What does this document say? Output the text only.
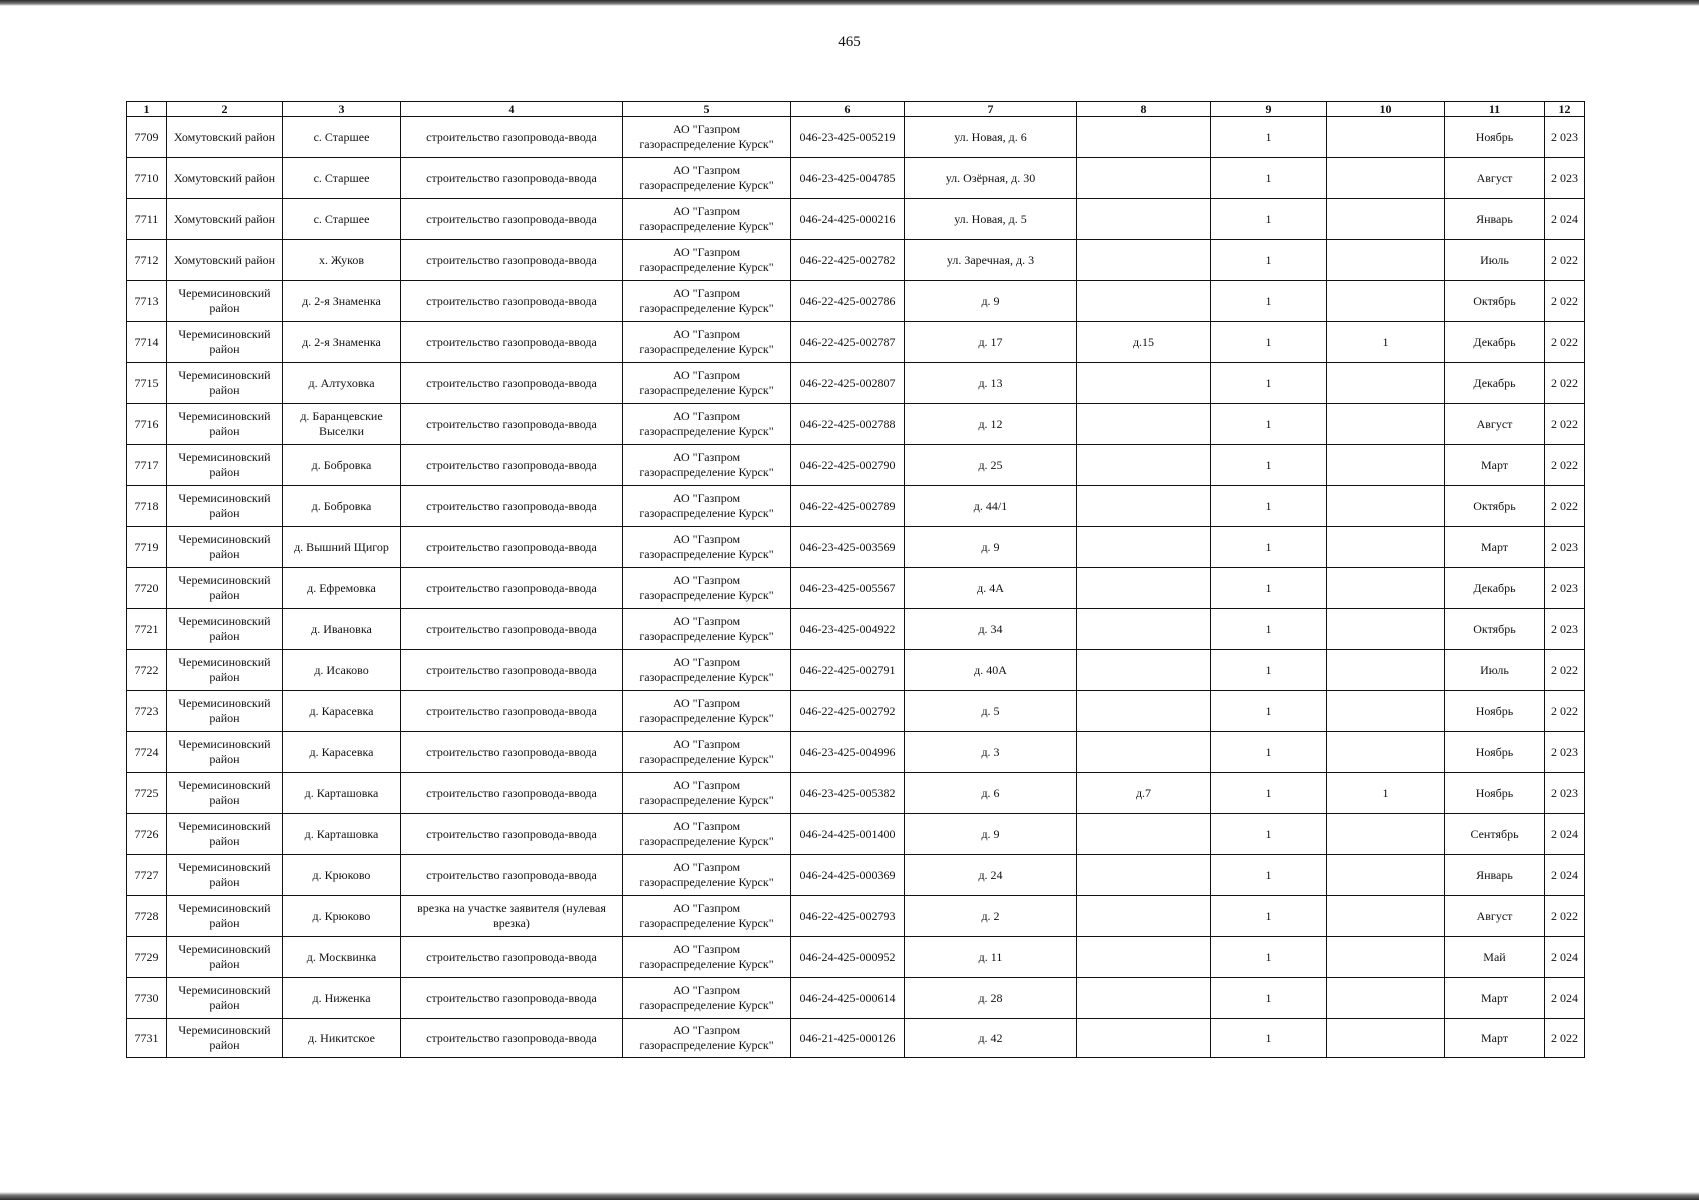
465
1	2	3	4	5	6	7	8	9	10	11	12
7709	Хомутовский район	с. Старшее	строительство газопровода-ввода	АО "Газпром газораспределение Курск"	046-23-425-005219	ул. Новая, д. 6		1		Ноябрь	2 023
7710	Хомутовский район	с. Старшее	строительство газопровода-ввода	АО "Газпром газораспределение Курск"	046-23-425-004785	ул. Озёрная, д. 30		1		Август	2 023
7711	Хомутовский район	с. Старшее	строительство газопровода-ввода	АО "Газпром газораспределение Курск"	046-24-425-000216	ул. Новая, д. 5		1		Январь	2 024
7712	Хомутовский район	х. Жуков	строительство газопровода-ввода	АО "Газпром газораспределение Курск"	046-22-425-002782	ул. Заречная, д. 3		1		Июль	2 022
7713	Черемисиновский район	д. 2-я Знаменка	строительство газопровода-ввода	АО "Газпром газораспределение Курск"	046-22-425-002786	д. 9		1		Октябрь	2 022
7714	Черемисиновский район	д. 2-я Знаменка	строительство газопровода-ввода	АО "Газпром газораспределение Курск"	046-22-425-002787	д. 17	д.15	1	1	Декабрь	2 022
7715	Черемисиновский район	д. Алтуховка	строительство газопровода-ввода	АО "Газпром газораспределение Курск"	046-22-425-002807	д. 13		1		Декабрь	2 022
7716	Черемисиновский район	д. Баранцевские Выселки	строительство газопровода-ввода	АО "Газпром газораспределение Курск"	046-22-425-002788	д. 12		1		Август	2 022
7717	Черемисиновский район	д. Бобровка	строительство газопровода-ввода	АО "Газпром газораспределение Курск"	046-22-425-002790	д. 25		1		Март	2 022
7718	Черемисиновский район	д. Бобровка	строительство газопровода-ввода	АО "Газпром газораспределение Курск"	046-22-425-002789	д. 44/1		1		Октябрь	2 022
7719	Черемисиновский район	д. Вышний Щигор	строительство газопровода-ввода	АО "Газпром газораспределение Курск"	046-23-425-003569	д. 9		1		Март	2 023
7720	Черемисиновский район	д. Ефремовка	строительство газопровода-ввода	АО "Газпром газораспределение Курск"	046-23-425-005567	д. 4А		1		Декабрь	2 023
7721	Черемисиновский район	д. Ивановка	строительство газопровода-ввода	АО "Газпром газораспределение Курск"	046-23-425-004922	д. 34		1		Октябрь	2 023
7722	Черемисиновский район	д. Исаково	строительство газопровода-ввода	АО "Газпром газораспределение Курск"	046-22-425-002791	д. 40А		1		Июль	2 022
7723	Черемисиновский район	д. Карасевка	строительство газопровода-ввода	АО "Газпром газораспределение Курск"	046-22-425-002792	д. 5		1		Ноябрь	2 022
7724	Черемисиновский район	д. Карасевка	строительство газопровода-ввода	АО "Газпром газораспределение Курск"	046-23-425-004996	д. 3		1		Ноябрь	2 023
7725	Черемисиновский район	д. Карташовка	строительство газопровода-ввода	АО "Газпром газораспределение Курск"	046-23-425-005382	д. 6	д.7	1	1	Ноябрь	2 023
7726	Черемисиновский район	д. Карташовка	строительство газопровода-ввода	АО "Газпром газораспределение Курск"	046-24-425-001400	д. 9		1		Сентябрь	2 024
7727	Черемисиновский район	д. Крюково	строительство газопровода-ввода	АО "Газпром газораспределение Курск"	046-24-425-000369	д. 24		1		Январь	2 024
7728	Черемисиновский район	д. Крюково	врезка на участке заявителя (нулевая врезка)	АО "Газпром газораспределение Курск"	046-22-425-002793	д. 2		1		Август	2 022
7729	Черемисиновский район	д. Москвинка	строительство газопровода-ввода	АО "Газпром газораспределение Курск"	046-24-425-000952	д. 11		1		Май	2 024
7730	Черемисиновский район	д. Ниженка	строительство газопровода-ввода	АО "Газпром газораспределение Курск"	046-24-425-000614	д. 28		1		Март	2 024
7731	Черемисиновский район	д. Никитское	строительство газопровода-ввода	АО "Газпром газораспределение Курск"	046-21-425-000126	д. 42		1		Март	2 022
